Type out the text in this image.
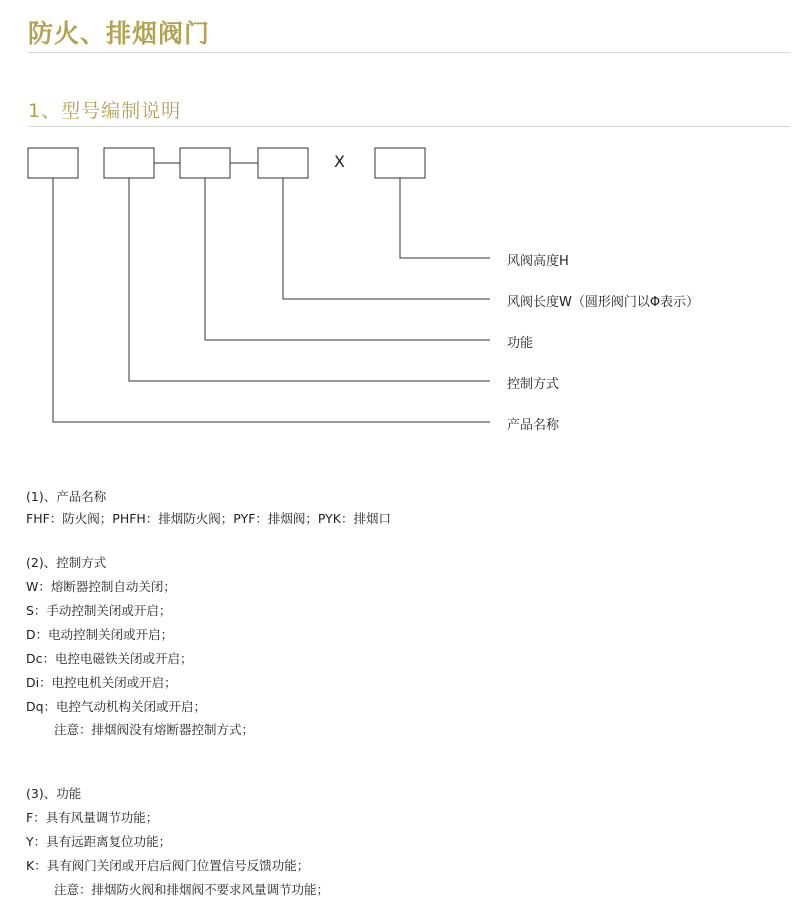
防火、排烟阀门
1、型号编制说明
X
风阀高度H
风阀长度W（圆形阀门以Φ表示）
功能
控制方式
产品名称
(1)、产品名称
FHF：防火阀；PHFH：排烟防火阀；PYF：排烟阀；PYK：排烟口
(2)、控制方式
W：熔断器控制自动关闭；
S：手动控制关闭或开启；
D：电动控制关闭或开启；
Dc：电控电磁铁关闭或开启；
Di：电控电机关闭或开启；
Dq：电控气动机构关闭或开启；
注意：排烟阀没有熔断器控制方式；
(3)、功能
F：具有风量调节功能；
Y：具有远距离复位功能；
K：具有阀门关闭或开启后阀门位置信号反馈功能；
注意：排烟防火阀和排烟阀不要求风量调节功能；
